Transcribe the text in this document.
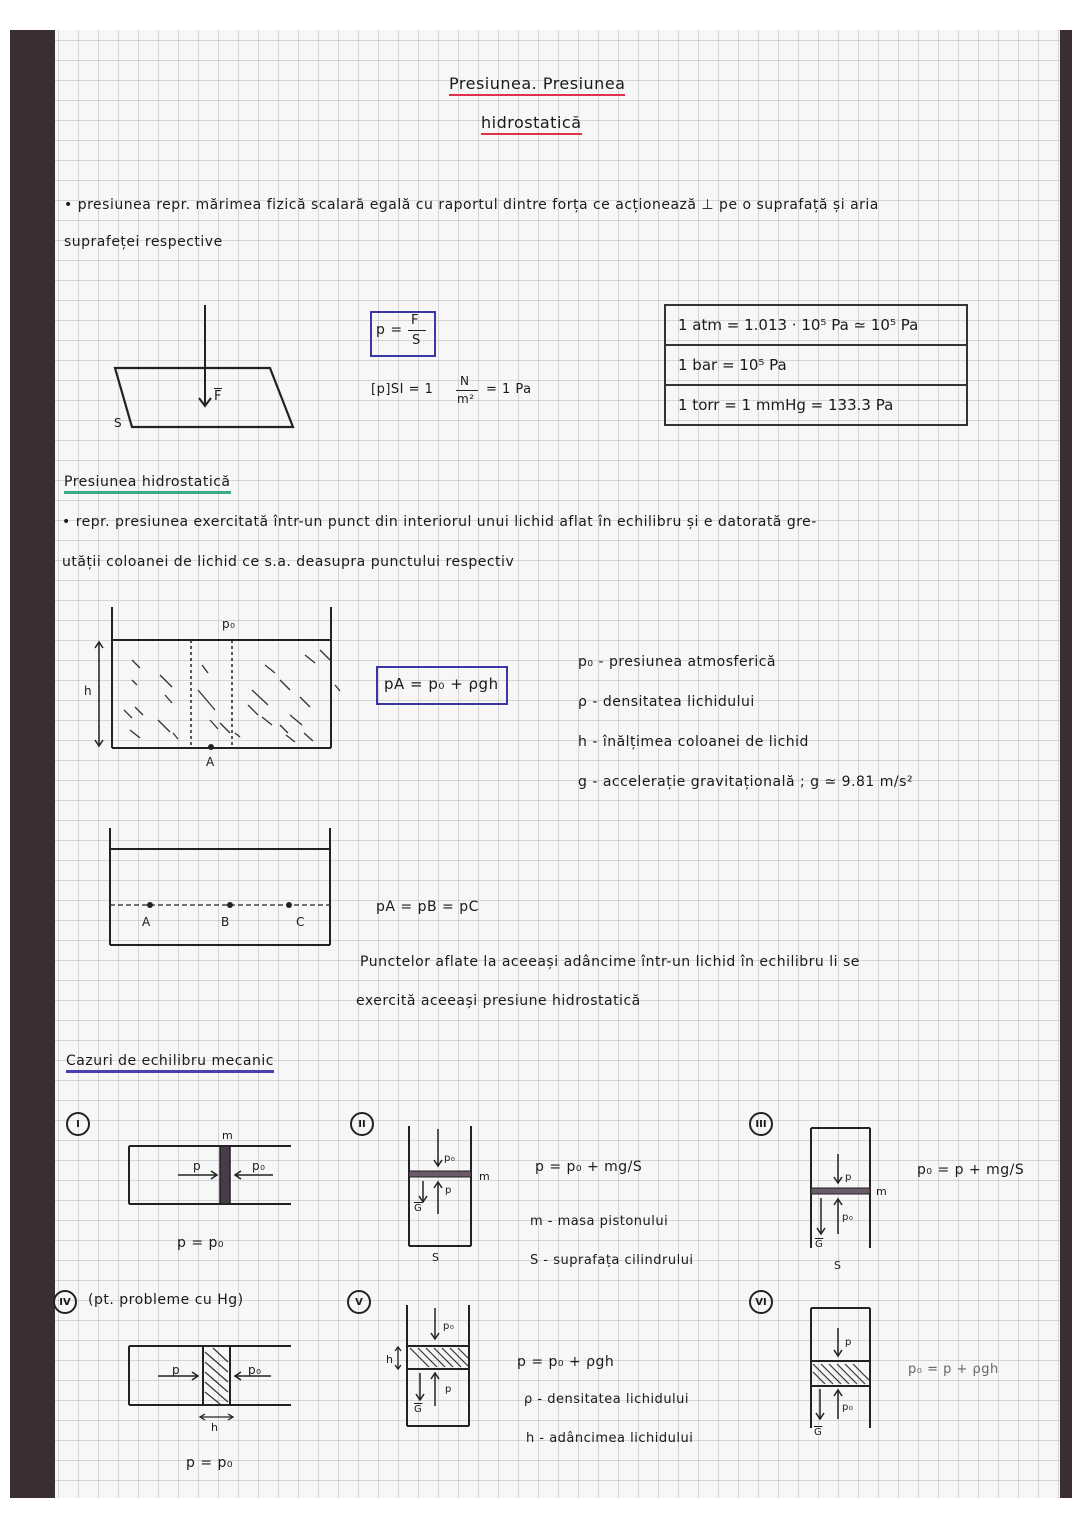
Presiunea. Presiunea
hidrostatică
• presiunea repr. mărimea fizică scalară egală cu raportul dintre forța ce acționează ⊥ pe o suprafață și aria
suprafeței respective
$\overline{F}$
S
p =
F
S
[p]SI = 1
N
m²
= 1 Pa
1 atm = 1.013 · 10⁵ Pa ≃ 10⁵ Pa
1 bar = 10⁵ Pa
1 torr = 1 mmHg = 133.3 Pa
Presiunea hidrostatică
• repr. presiunea exercitată într-un punct din interiorul unui lichid aflat în echilibru și e datorată gre-
utății coloanei de lichid ce s.a. deasupra punctului respectiv
p₀
h
A
pA = p₀ + ρgh
p₀ - presiunea atmosferică
ρ - densitatea lichidului
h - înălțimea coloanei de lichid
g - accelerație gravitațională ; g ≃ 9.81 m/s²
A	B	C
pA = pB = pC
Punctelor aflate la aceeași adâncime într-un lichid în echilibru li se
exercită aceeași presiune hidrostatică
Cazuri de echilibru mecanic
I
m
p	p₀
p = p₀
II
p₀
p
m
$\overline{G}$
S
p = p₀ + mg/S
m - masa pistonului
S - suprafața cilindrului
III
p
p₀
m
$\overline{G}$
S
p₀ = p + mg/S
IV	(pt. probleme cu Hg)
p	p₀
h
p = p₀
V
p₀
p
h
$\overline{G}$
p = p₀ + ρgh
ρ - densitatea lichidului
h - adâncimea lichidului
VI
p
p₀
$\overline{G}$
p₀ = p + ρgh
